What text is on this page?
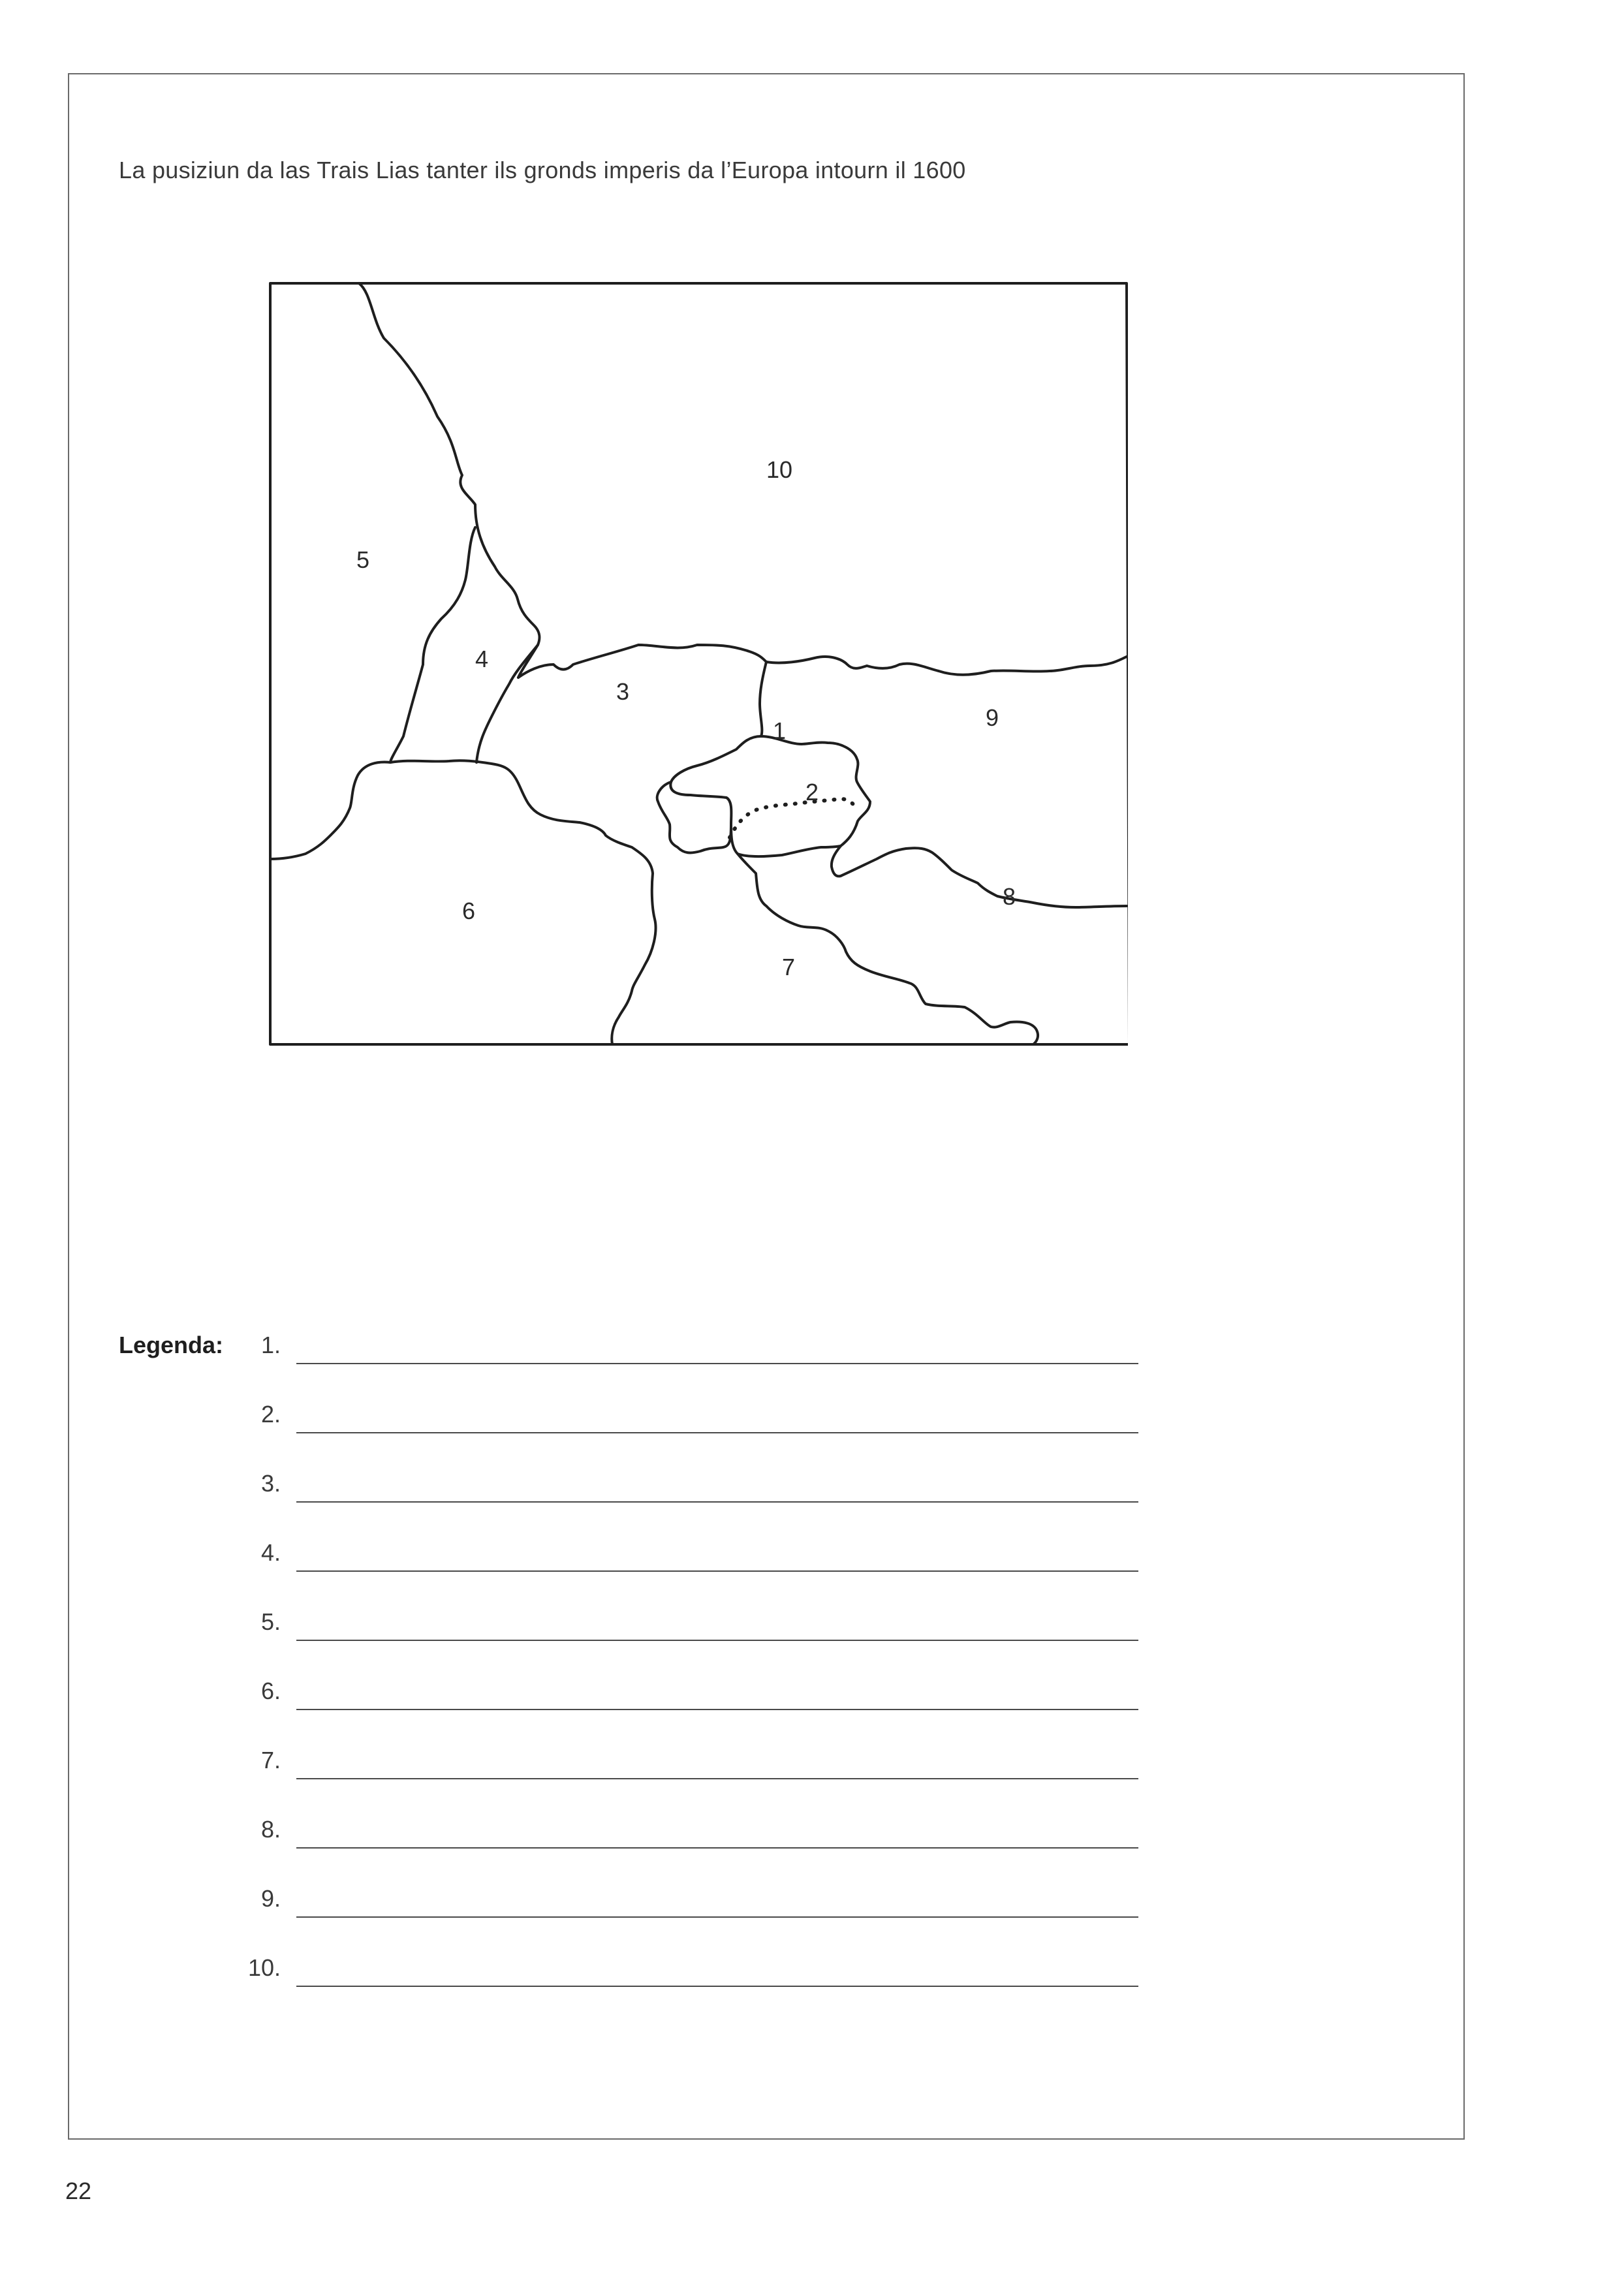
La pusiziun da las Trais Lias tanter ils gronds imperis da l’Europa intourn il 1600
1
2
3
4
5
6
7
8
9
10
Legenda:	1.
2.
3.
4.
5.
6.
7.
8.
9.
10.
22
